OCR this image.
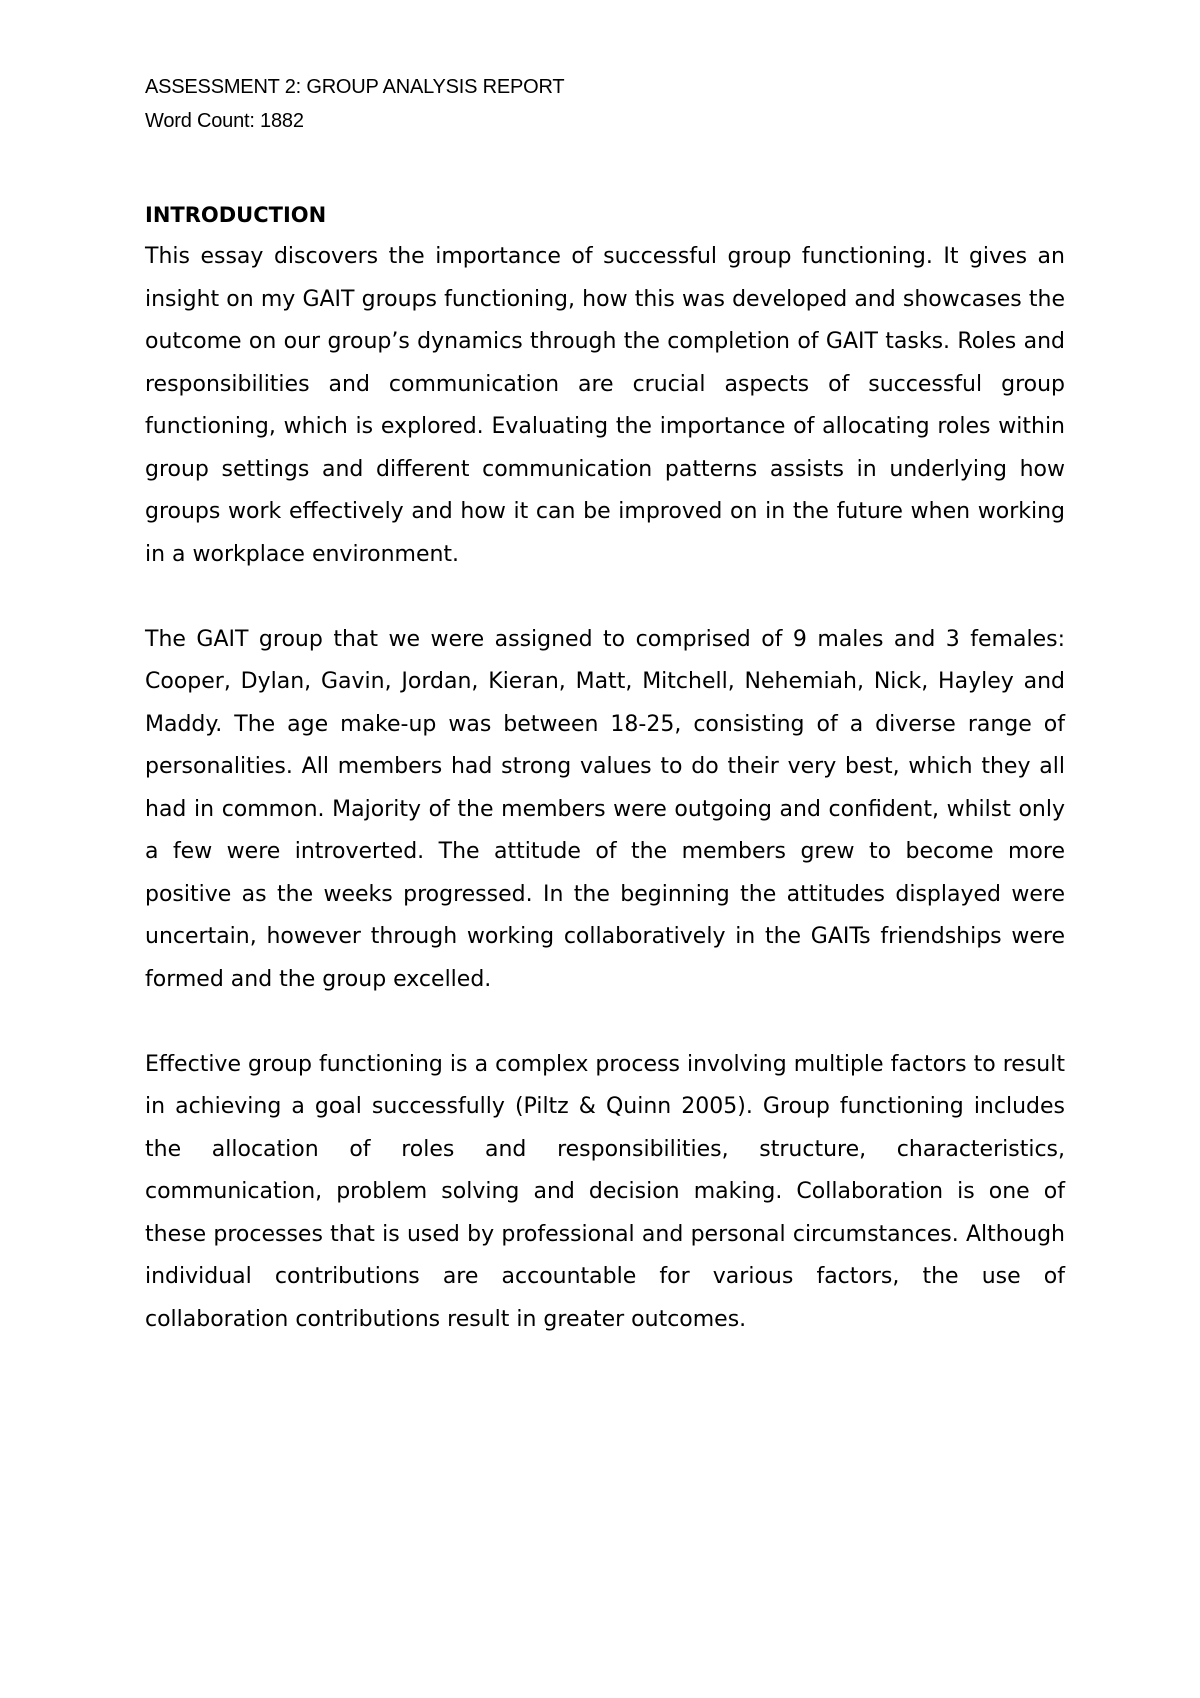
ASSESSMENT 2: GROUP ANALYSIS REPORT

Word Count: 1882

INTRODUCTION

This essay discovers the importance of successful group functioning. It gives an insight on my GAIT groups functioning, how this was developed and showcases the outcome on our group’s dynamics through the completion of GAIT tasks. Roles and responsibilities and communication are crucial aspects of successful group functioning, which is explored. Evaluating the importance of allocating roles within group settings and different communication patterns assists in underlying how groups work effectively and how it can be improved on in the future when working in a workplace environment.

The GAIT group that we were assigned to comprised of 9 males and 3 females: Cooper, Dylan, Gavin, Jordan, Kieran, Matt, Mitchell, Nehemiah, Nick, Hayley and Maddy. The age make-up was between 18-25, consisting of a diverse range of personalities. All members had strong values to do their very best, which they all had in common. Majority of the members were outgoing and confident, whilst only a few were introverted. The attitude of the members grew to become more positive as the weeks progressed. In the beginning the attitudes displayed were uncertain, however through working collaboratively in the GAITs friendships were formed and the group excelled.

Effective group functioning is a complex process involving multiple factors to result in achieving a goal successfully (Piltz & Quinn 2005). Group functioning includes the allocation of roles and responsibilities, structure, characteristics, communication, problem solving and decision making. Collaboration is one of these processes that is used by professional and personal circumstances. Although individual contributions are accountable for various factors, the use of collaboration contributions result in greater outcomes.
